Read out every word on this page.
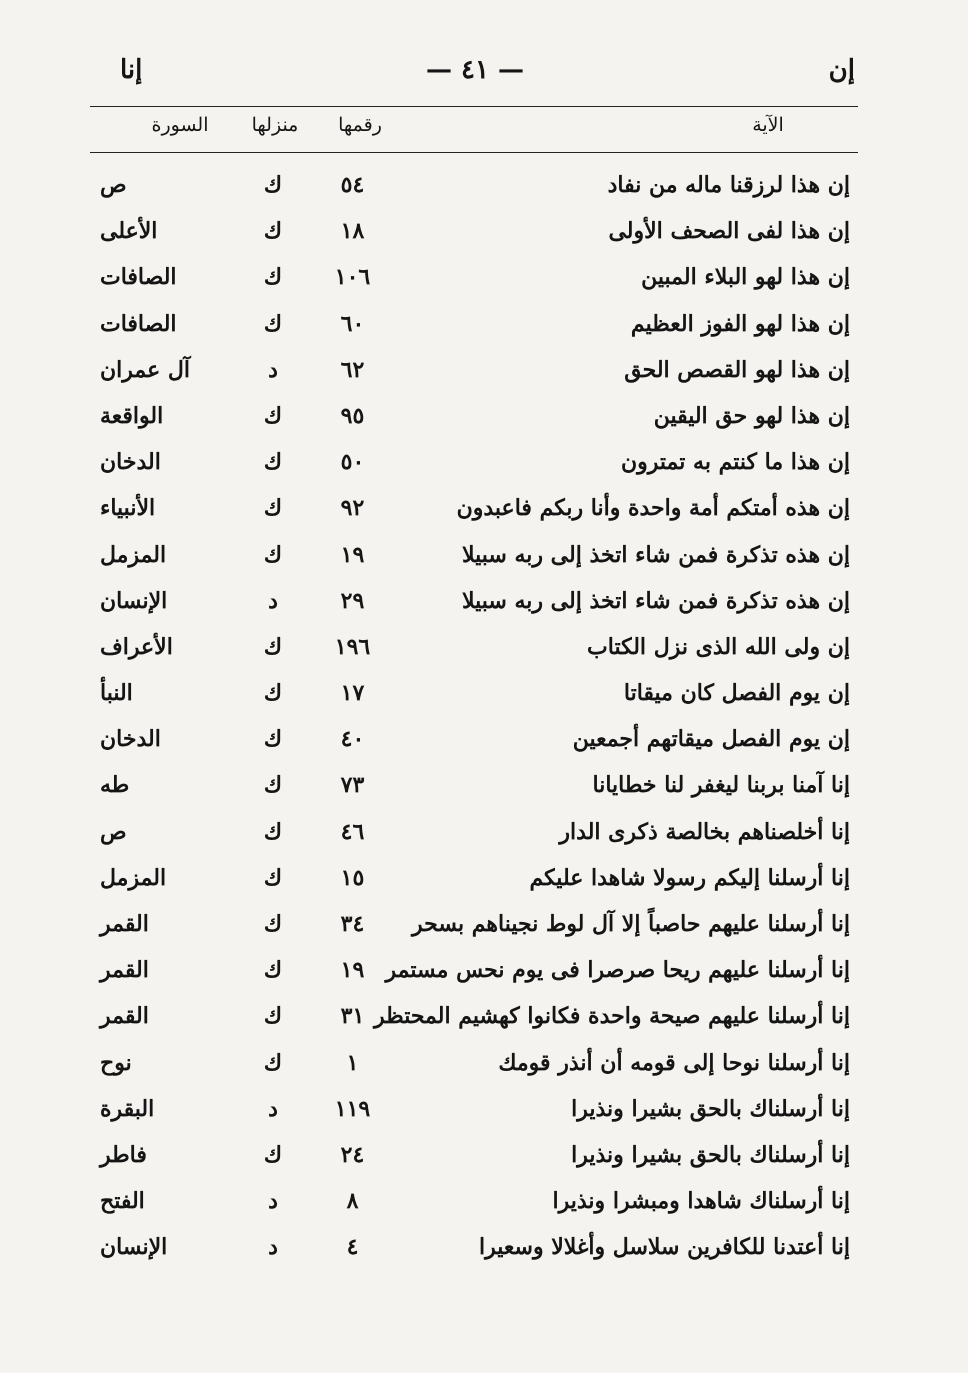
إن
— ٤١ —
إنا
الآية
رقمها
منزلها
السورة
إن هذا لرزقنا ماله من نفاد
٥٤
ك
ص
إن هذا لفى الصحف الأولى
١٨
ك
الأعلى
إن هذا لهو البلاء المبين
١٠٦
ك
الصافات
إن هذا لهو الفوز العظيم
٦٠
ك
الصافات
إن هذا لهو القصص الحق
٦٢
د
آل عمران
إن هذا لهو حق اليقين
٩٥
ك
الواقعة
إن هذا ما كنتم به تمترون
٥٠
ك
الدخان
إن هذه أمتكم أمة واحدة وأنا ربكم فاعبدون
٩٢
ك
الأنبياء
إن هذه تذكرة فمن شاء اتخذ إلى ربه سبيلا
١٩
ك
المزمل
إن هذه تذكرة فمن شاء اتخذ إلى ربه سبيلا
٢٩
د
الإنسان
إن ولى الله الذى نزل الكتاب
١٩٦
ك
الأعراف
إن يوم الفصل كان ميقاتا
١٧
ك
النبأ
إن يوم الفصل ميقاتهم أجمعين
٤٠
ك
الدخان
إنا آمنا بربنا ليغفر لنا خطايانا
٧٣
ك
طه
إنا أخلصناهم بخالصة ذكرى الدار
٤٦
ك
ص
إنا أرسلنا إليكم رسولا شاهدا عليكم
١٥
ك
المزمل
إنا أرسلنا عليهم حاصباً إلا آل لوط نجيناهم بسحر
٣٤
ك
القمر
إنا أرسلنا عليهم ريحا صرصرا فى يوم نحس مستمر
١٩
ك
القمر
إنا أرسلنا عليهم صيحة واحدة فكانوا كهشيم المحتظر
٣١
ك
القمر
إنا أرسلنا نوحا إلى قومه أن أنذر قومك
١
ك
نوح
إنا أرسلناك بالحق بشيرا ونذيرا
١١٩
د
البقرة
إنا أرسلناك بالحق بشيرا ونذيرا
٢٤
ك
فاطر
إنا أرسلناك شاهدا ومبشرا ونذيرا
٨
د
الفتح
إنا أعتدنا للكافرين سلاسل وأغلالا وسعيرا
٤
د
الإنسان
